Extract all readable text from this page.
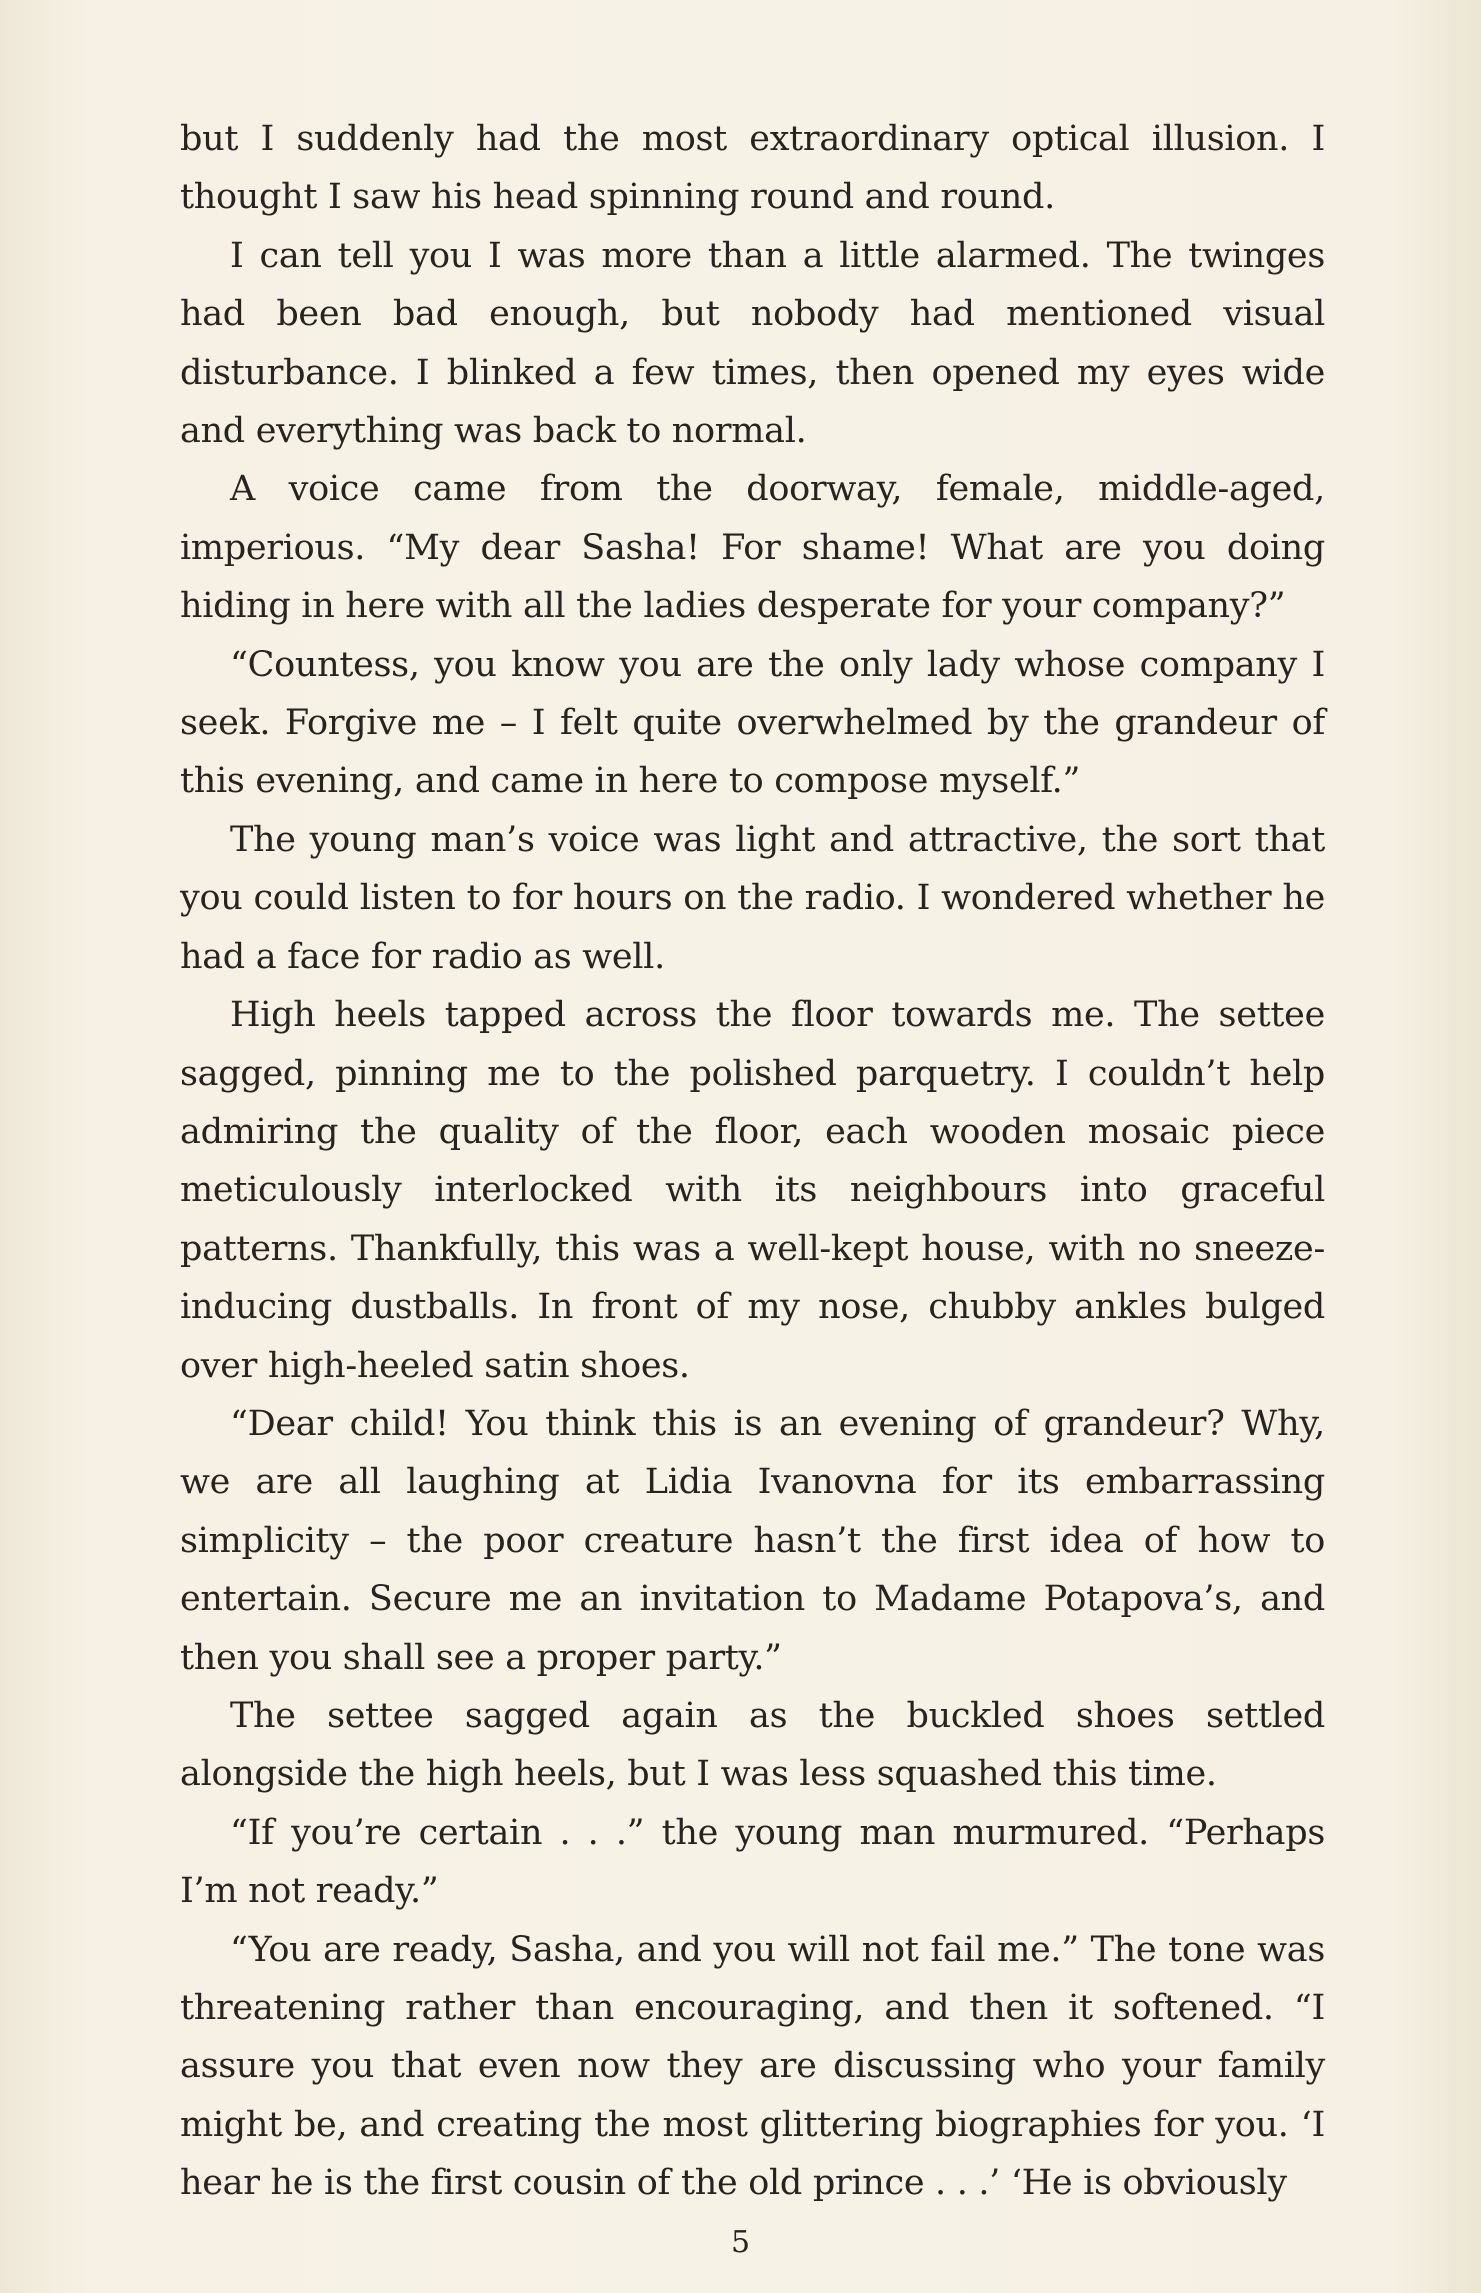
but I suddenly had the most extraordinary optical illusion. I thought I saw his head spinning round and round.

I can tell you I was more than a little alarmed. The twinges had been bad enough, but nobody had mentioned visual disturbance. I blinked a few times, then opened my eyes wide and everything was back to normal.

A voice came from the doorway, female, middle-aged, imperious. “My dear Sasha! For shame! What are you doing hiding in here with all the ladies desperate for your company?”

“Countess, you know you are the only lady whose company I seek. Forgive me – I felt quite overwhelmed by the grandeur of this evening, and came in here to compose myself.”

The young man’s voice was light and attractive, the sort that you could listen to for hours on the radio. I wondered whether he had a face for radio as well.

High heels tapped across the floor towards me. The settee sagged, pinning me to the polished parquetry. I couldn’t help admiring the quality of the floor, each wooden mosaic piece meticulously interlocked with its neighbours into graceful patterns. Thankfully, this was a well-kept house, with no sneeze-inducing dustballs. In front of my nose, chubby ankles bulged over high-heeled satin shoes.

“Dear child! You think this is an evening of grandeur? Why, we are all laughing at Lidia Ivanovna for its embarrassing simplicity – the poor creature hasn’t the first idea of how to entertain. Secure me an invitation to Madame Potapova’s, and then you shall see a proper party.”

The settee sagged again as the buckled shoes settled alongside the high heels, but I was less squashed this time.

“If you’re certain . . .” the young man murmured. “Perhaps I’m not ready.”

“You are ready, Sasha, and you will not fail me.” The tone was threatening rather than encouraging, and then it softened. “I assure you that even now they are discussing who your family might be, and creating the most glittering biographies for you. ‘I hear he is the first cousin of the old prince . . .’ ‘He is obviously

5
